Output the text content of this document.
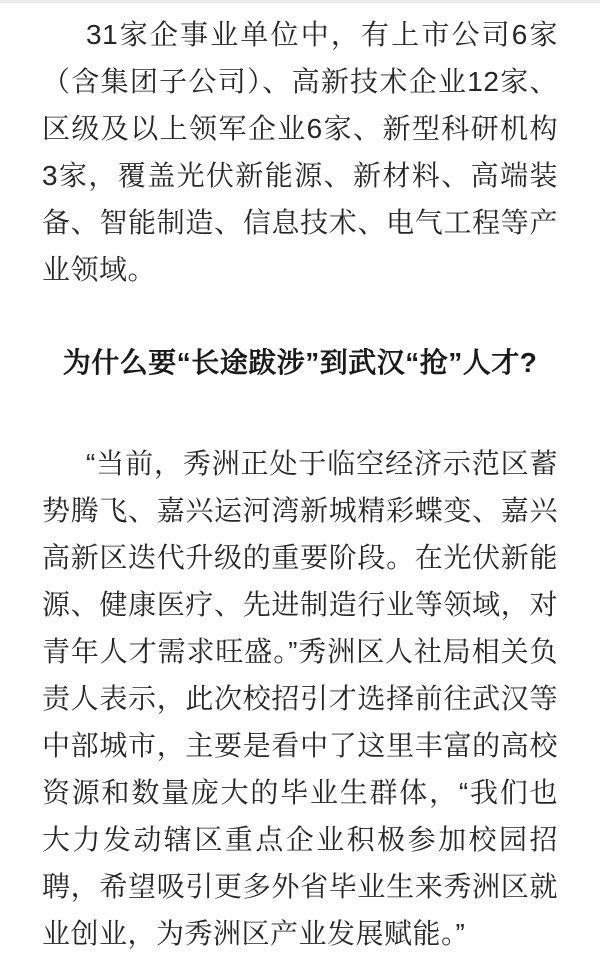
31家企事业单位中，有上市公司6家（含集团子公司）、高新技术企业12家、区级及以上领军企业6家、新型科研机构3家，覆盖光伏新能源、新材料、高端装备、智能制造、信息技术、电气工程等产业领域。

为什么要“长途跋涉”到武汉“抢”人才?

“当前，秀洲正处于临空经济示范区蓄势腾飞、嘉兴运河湾新城精彩蝶变、嘉兴高新区迭代升级的重要阶段。在光伏新能源、健康医疗、先进制造行业等领域，对青年人才需求旺盛。”秀洲区人社局相关负责人表示，此次校招引才选择前往武汉等中部城市，主要是看中了这里丰富的高校资源和数量庞大的毕业生群体，“我们也大力发动辖区重点企业积极参加校园招聘，希望吸引更多外省毕业生来秀洲区就业创业，为秀洲区产业发展赋能。”
